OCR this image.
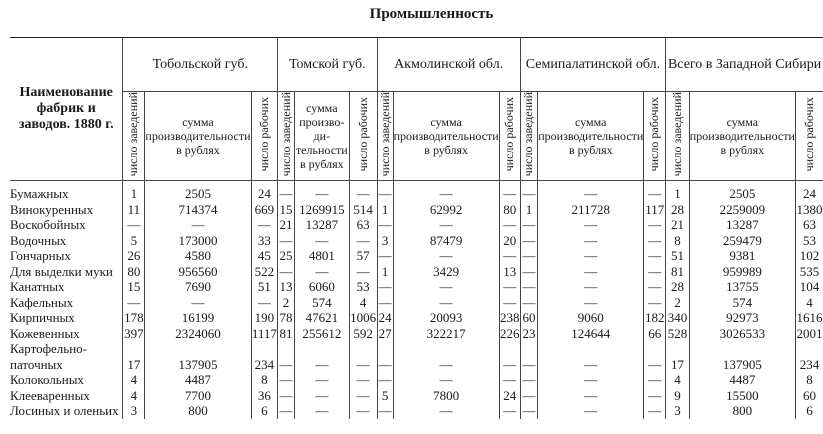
Промышленность
Наименование фабрик и заводов. 1880 г.	Тобольской губ.			Томской губ.			Акмолинской обл.			Семипалатинской обл.			Всего в Западной Сибири		
	число заведений	сумма производительности в рублях	число рабочих	число заведений	сумма произво-ди-тельности в рублях	число рабочих	число заведений	сумма производительности в рублях	число рабочих	число заведений	сумма производительности в рублях	число рабочих	число заведений	сумма производительности в рублях	число рабочих
Бумажных	1	2505	24	—	—	—	—	—	—	—	—	—	1	2505	24
Винокуренных	11	714374	669	15	1269915	514	1	62992	80	1	211728	117	28	2259009	1380
Воскобойных	—	—	—	21	13287	63	—	—	—	—	—	—	21	13287	63
Водочных	5	173000	33	—	—	—	3	87479	20	—	—	—	8	259479	53
Гончарных	26	4580	45	25	4801	57	—	—	—	—	—	—	51	9381	102
Для выделки муки	80	956560	522	—	—	—	1	3429	13	—	—	—	81	959989	535
Канатных	15	7690	51	13	6060	53	—	—	—	—	—	—	28	13755	104
Кафельных	—	—	—	2	574	4	—	—	—	—	—	—	2	574	4
Кирпичных	178	16199	190	78	47621	1006	24	20093	238	60	9060	182	340	92973	1616
Кожевенных	397	2324060	1117	81	255612	592	27	322217	226	23	124644	66	528	3026533	2001

Картофельно-
паточных	17	137905	234	—	—	—	—	—	—	—	—	—	17	137905	234
Колокольных	4	4487	8	—	—	—	—	—	—	—	—	—	4	4487	8
Клееваренных	4	7700	36	—	—	—	5	7800	24	—	—	—	9	15500	60
Лосиных и оленьих	3	800	6	—	—	—	—	—	—	—	—	—	3	800	6
